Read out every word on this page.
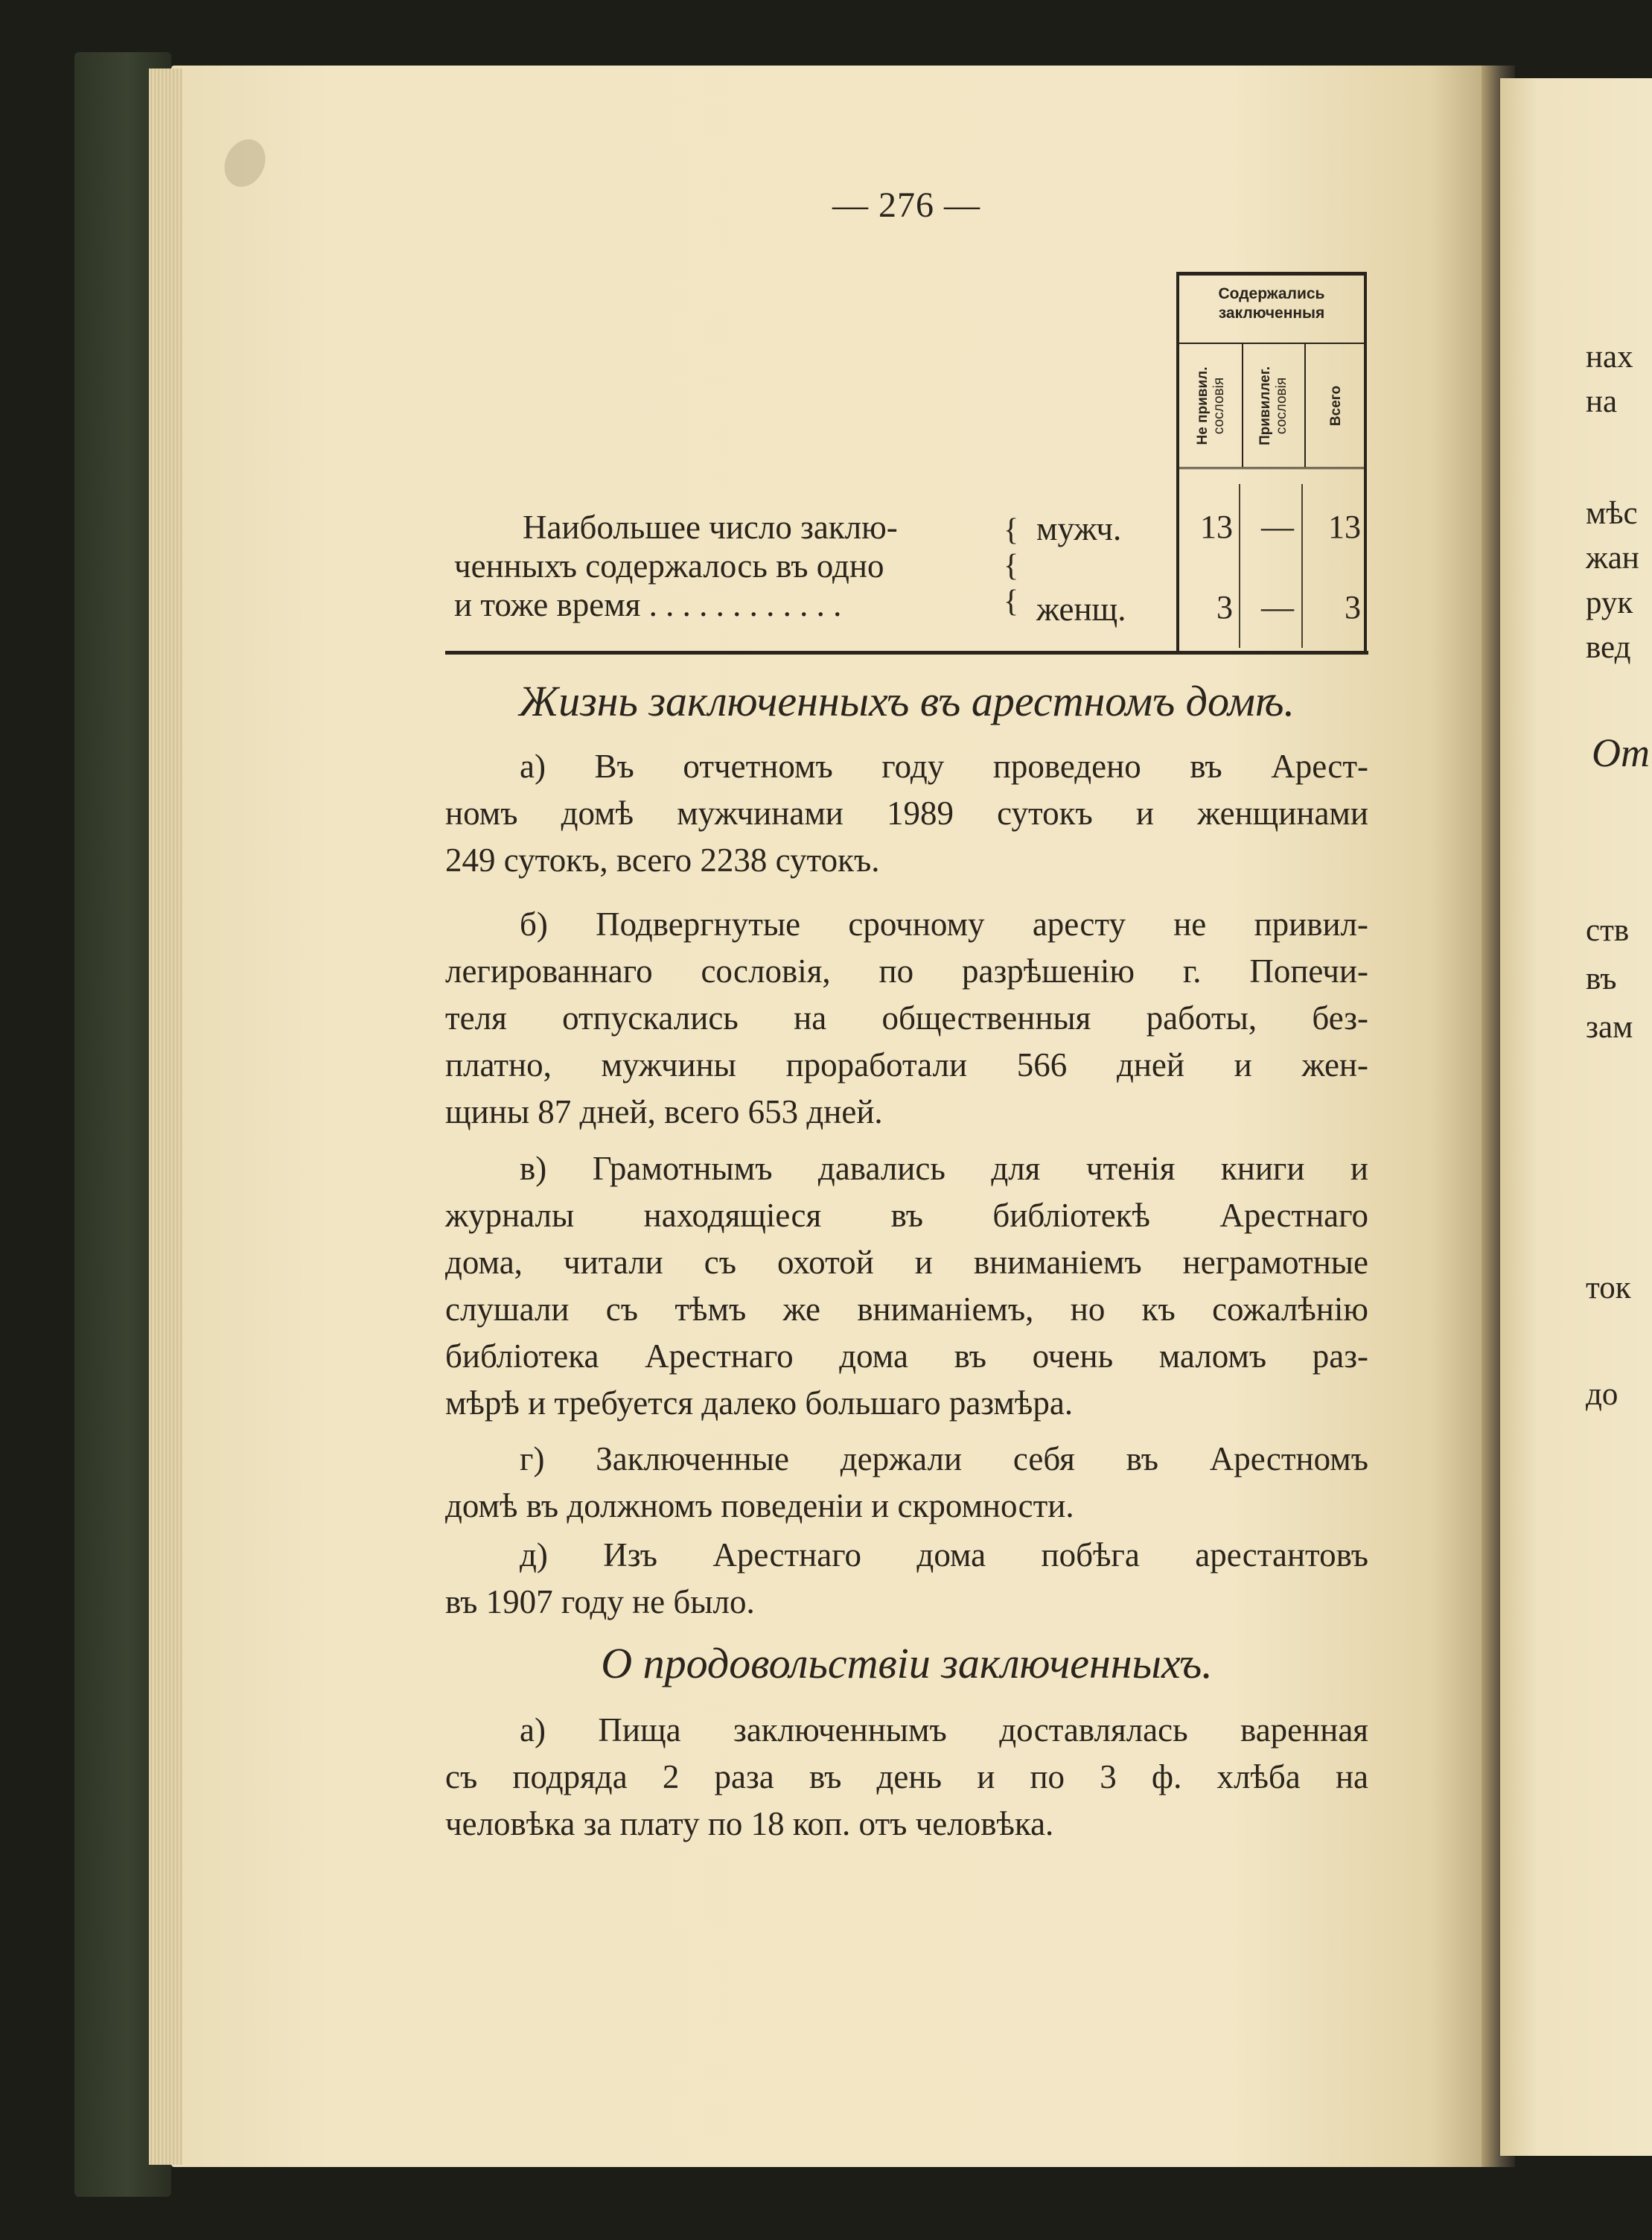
— 276 —
Содержались
заключенныя
Не привил. сословія Привиллег. сословія	Всего
Наибольшее число заклю-
ченныхъ содержалось въ одно
и тоже время . . . . . . . . . . . .
{
{
{
мужч.
женщ.
13 — 13
3 — 3
Жизнь заключенныхъ въ арестномъ домѣ.
а) Въ отчетномъ году проведено въ Арест-
номъ домѣ мужчинами 1989 сутокъ и женщинами
249 сутокъ, всего 2238 сутокъ.
б) Подвергнутые срочному аресту не привил-
легированнаго сословія, по разрѣшенію г. Попечи-
теля отпускались на общественныя работы, без-
платно, мужчины проработали 566 дней и жен-
щины 87 дней, всего 653 дней.
в) Грамотнымъ давались для чтенія книги и
журналы находящіеся въ библіотекѣ Арестнаго
дома, читали съ охотой и вниманіемъ неграмотные
слушали съ тѣмъ же вниманіемъ, но къ сожалѣнію
библіотека Арестнаго дома въ очень маломъ раз-
мѣрѣ и требуется далеко большаго размѣра.
г) Заключенные держали себя въ Арестномъ
домѣ въ должномъ поведеніи и скромности.
д) Изъ Арестнаго дома побѣга арестантовъ
въ 1907 году не было.
О продовольствіи заключенныхъ.
а) Пища заключеннымъ доставлялась варенная
съ подряда 2 раза въ день и по 3 ф. хлѣба на
человѣка за плату по 18 коп. отъ человѣка.
нах
на
мѣс
жан
рук
вед
От
ств
въ
зам
ток
до
